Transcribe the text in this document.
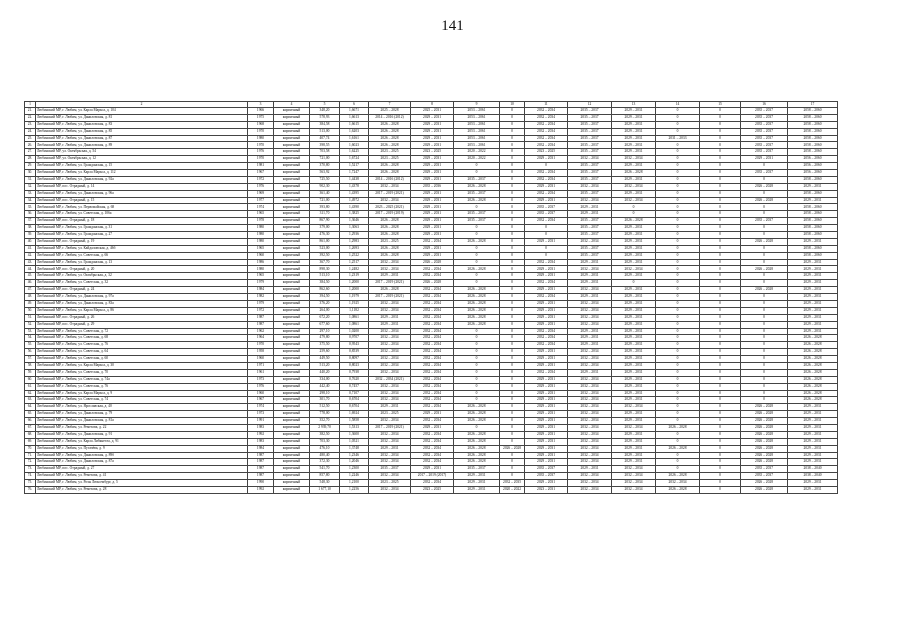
141
1	2	3	4	5	6	7	8	9	10	11	12	13	14	15	16	17
21.	Любинский МР, г. Любим, ул. Карла Маркса, д. 104	1966	кирпичный	348,20	1,6671	2025 – 2028	2025 – 2031	2053 – 2061	0	2032 – 2034	2035 – 2037	2029 – 2031	0	0	2035 – 2037	2058 – 2060
22.	Любинский МР, г. Любим, ул. Даниловская, д. 81	1975	кирпичный	578,93	1,6613	2014 – 2016 (2012)	2029 – 2031	2053 – 2061	0	2032 – 2034	2035 – 2037	2029 – 2031	0	0	2035 – 2037	2058 – 2060
23.	Любинский МР, г. Любим, ул. Даниловская, д. 83	1968	кирпичный	384,58	1,6615	2026 – 2028	2029 – 2031	2053 – 2061	0	2032 – 2034	2035 – 2037	2029 – 2031	0	0	2035 – 2037	2058 – 2060
24.	Любинский МР, г. Любим, ул. Даниловская, д. 85	1970	кирпичный	513,00	1,6203	2026 – 2028	2029 – 2031	2053 – 2061	0	2032 – 2034	2035 – 2037	2029 – 2031	0	0	2035 – 2037	2058 – 2060
25.	Любинский МР, г. Любим, ул. Даниловская, д. 87	1980	кирпичный	407,74	1,6161	2026 – 2028	2029 – 2031	2053 – 2061	0	2032 – 2034	2035 – 2037	2029 – 2031	2031 – 2033	0	2035 – 2037	2058 – 2060
26.	Любинский МР, г. Любим, ул. Даниловская, д. 89	1970	кирпичный	398,55	1,6023	2026 – 2028	2029 – 2031	2053 – 2061	0	2032 – 2034	2035 – 2037	2029 – 2031	0	0	2035 – 2037	2058 – 2060
27.	Любинский МР, ул. Октябрьская, д. 54	1976	кирпичный	703,58	1,6225	2023 – 2025	2023 – 2025	2020 – 2022	0	2023 – 2025	2035 – 2037	2029 – 2031	0	0	2035 – 2037	2058 – 2060
28.	Любинский МР, ул. Октябрьская, д. 12	1970	кирпичный	721,00	1,6724	2023 – 2025	2029 – 2031	2020 – 2022	0	2029 – 2031	2032 – 2034	2032 – 2034	0	0	2029 – 2031	2056 – 2060
29.	Любинский МР, г. Любим, ул. Гражданская, д. 15	1981	кирпичный	370,80	1,5217	2026 – 2028	2029 – 2031	0	0	0	2035 – 2037	2029 – 2031	0	0	0	2056 – 2060
30.	Любинский МР, г. Любим, ул. Карла Маркса, д. 112	1967	кирпичный	563,92	1,7247	2026 – 2028	2029 – 2031	0	0	2032 – 2034	2035 – 2037	2026 – 2028	0	0	2035 – 2037	2056 – 2060
31.	Любинский МР, г. Любим, ул. Даниловская, д. 92а	1972	кирпичный	725,50	1,4438	2014 – 2016 (2012)	2029 – 2031	2035 – 2037	0	2032 – 2034	2035 – 2037	2029 – 2031	0	0	0	2058 – 2060
32.	Любинский МР, пос. Отрадный, д. 14	1976	кирпичный	902,30	1,4378	2032 – 2034	2035 – 2036	2026 – 2028	0	2029 – 2031	2032 – 2034	2032 – 2034	0	0	2026 – 2028	2029 – 2031
33.	Любинский МР, г. Любим, ул. Даниловская, д. 96а	1969	кирпичный	361,40	1,4395	2017 – 2019 (2021)	2029 – 2031	2035 – 2037	0	2032 – 2034	2035 – 2037	2029 – 2031	0	0	0	2058 – 2060
34.	Любинский МР, пос. Отрадный, д. 15	1977	кирпичный	721,00	1,4972	2032 – 2034	2029 – 2031	2026 – 2028	0	2029 – 2031	2032 – 2034	2032 – 2034	0	0	2026 – 2028	2029 – 2031
35.	Любинский МР, г. Любим, ул. Первомайская, д. 68	1974	кирпичный	393,80	1,4390	2023 – 2025 (2021)	2029 – 2031	0	0	2035 – 2037	2029 – 2031	0	0	0	0	2058 – 2060
36.	Любинский МР, г. Любим, ул. Советская, д. 106а	1965	кирпичный	311,70	1,3825	2017 – 2019 (2019)	2029 – 2031	2035 – 2037	0	2035 – 2037	2029 – 2031	0	0	0	0	2058 – 2060
37.	Любинский МР, пос. Отрадный, д. 18	1978	кирпичный	867,90	1,3646	2026 – 2028	2029 – 2031	2035 – 2037	0	2032 – 2034	2035 – 2037	2026 – 2028	0	0	2035 – 2037	2058 – 2060
38.	Любинский МР, г. Любим, ул. Гражданская, д. 31	1980	кирпичный	379,00	1,3063	2026 – 2028	2029 – 2031	0	0	0	2035 – 2037	2029 – 2031	0	0	0	2058 – 2060
39.	Любинский МР, г. Любим, ул. Гражданская, д. 27	1980	кирпичный	476,30	1,2936	2026 – 2028	2029 – 2031	0	0	0	2035 – 2037	2029 – 2031	0	0	0	2058 – 2060
40.	Любинский МР, пос. Отрадный, д. 19	1980	кирпичный	861,00	1,2983	2023 – 2025	2032 – 2034	2026 – 2028	0	2029 – 2031	2032 – 2034	2029 – 2031	0	0	2026 – 2028	2029 – 2031
41.	Любинский МР, г. Любим, ул. Кайдаловская, д. 46б	1965	кирпичный	523,00	1,2693	2026 – 2028	2029 – 2031	0	0	0	2035 – 2037	2029 – 2031	0	0	0	2058 – 2060
42.	Любинский МР, г. Любим, ул. Советская, д. 66	1960	кирпичный	392,50	1,2522	2026 – 2028	2029 – 2031	0	0	0	2035 – 2037	2029 – 2031	0	0	0	2058 – 2060
43.	Любинский МР, г. Любим, ул. Гражданская, д. 13	1986	кирпичный	367,70	1,2517	2032 – 2034	2026 – 2028	0	0	2032 – 2034	2029 – 2031	2029 – 2031	0	0	0	2029 – 2031
44.	Любинский МР, пос. Отрадный, д. 20	1980	кирпичный	898,30	1,2482	2032 – 2034	2032 – 2034	2026 – 2028	0	2029 – 2031	2032 – 2034	2032 – 2034	0	0	2026 – 2028	2029 – 2031
45.	Любинский МР, г. Любим, ул. Октябрьская, д. 32	1965	кирпичный	513,10	1,2319	2029 – 2031	2032 – 2034	0	0	2029 – 2031	2029 – 2031	2029 – 2031	0	0	0	2029 – 2031
46.	Любинский МР, г. Любим, ул. Советская, д. 32	1979	кирпичный	384,50	1,2000	2017 – 2019 (2021)	2026 – 2028	0	0	2032 – 2034	2029 – 2031	0	0	0	0	2029 – 2031
47.	Любинский МР, пос. Отрадный, д. 24	1984	кирпичный	862,60	1,2000	2026 – 2028	2032 – 2034	2026 – 2028	0	2029 – 2031	2032 – 2034	2029 – 2031	0	0	2026 – 2028	2029 – 2031
48.	Любинский МР, г. Любим, ул. Даниловская, д. 97а	1982	кирпичный	394,50	1,1979	2017 – 2019 (2021)	2032 – 2034	2026 – 2028	0	2032 – 2034	2029 – 2031	2029 – 2031	0	0	0	2029 – 2031
49.	Любинский МР, г. Любим, ул. Даниловская, д. 83а	1979	кирпичный	376,20	1,1925	2032 – 2034	2032 – 2034	2026 – 2028	0	2029 – 2031	2032 – 2034	2029 – 2031	0	0	0	2029 – 2031
50.	Любинский МР, г. Любим, ул. Карла Маркса, д. 86	1972	кирпичный	264,00	1,1182	2032 – 2034	2032 – 2034	2026 – 2028	0	2029 – 2031	2032 – 2034	2029 – 2031	0	0	0	2029 – 2031
51.	Любинский МР, пос. Отрадный, д. 26	1987	кирпичный	672,20	1,0861	2029 – 2031	2032 – 2034	2026 – 2028	0	2029 – 2031	2032 – 2034	2029 – 2031	0	0	0	2029 – 2031
52.	Любинский МР, пос. Отрадный, д. 29	1987	кирпичный	677,60	1,0861	2029 – 2031	2032 – 2034	2026 – 2028	0	2029 – 2031	2032 – 2034	2029 – 2031	0	0	0	2029 – 2031
53.	Любинский МР, г. Любим, ул. Советская, д. 72	1962	кирпичный	297,10	1,0200	2032 – 2034	2032 – 2034	0	0	2032 – 2034	2029 – 2031	2029 – 2031	0	0	0	2029 – 2031
54.	Любинский МР, г. Любим, ул. Советская, д. 68	1964	кирпичный	479,80	0,9707	2032 – 2034	2032 – 2034	0	0	2032 – 2034	2029 – 2031	2029 – 2031	0	0	0	2026 – 2028
55.	Любинский МР, г. Любим, ул. Советская, д. 76	1970	кирпичный	375,50	0,9543	2032 – 2034	2032 – 2034	0	0	2032 – 2034	2029 – 2031	2029 – 2031	0	0	0	2026 – 2028
56.	Любинский МР, г. Любим, ул. Советская, д. 64	1958	кирпичный	259,60	0,8539	2032 – 2034	2032 – 2034	0	0	2029 – 2031	2032 – 2034	2029 – 2031	0	0	0	2026 – 2028
57.	Любинский МР, г. Любим, ул. Советская, д. 60	1960	кирпичный	449,50	0,8097	2032 – 2034	2032 – 2034	0	0	2029 – 2031	2032 – 2034	2029 – 2031	0	0	0	2026 – 2028
58.	Любинский МР, г. Любим, ул. Карла Маркса, д. 30	1971	кирпичный	513,20	0,8023	2032 – 2034	2032 – 2034	0	0	2029 – 2031	2032 – 2034	2029 – 2031	0	0	0	2026 – 2028
59.	Любинский МР, г. Любим, ул. Советская, д. 70	1961	кирпичный	440,20	0,7938	2032 – 2034	2032 – 2034	0	0	2032 – 2034	2029 – 2031	2029 – 2031	0	0	0	2026 – 2028
60.	Любинский МР, г. Любим, ул. Советская, д. 74а	1973	кирпичный	334,00	0,7620	2032 – 2034 (2021)	2032 – 2034	0	0	2029 – 2031	2032 – 2034	2029 – 2031	0	0	0	2026 – 2028
61.	Любинский МР, г. Любим, ул. Советская, д. 76	1976	кирпичный	442,40	0,7457	2032 – 2034	2032 – 2034	0	0	2029 – 2031	2032 – 2034	2029 – 2031	0	0	0	2026 – 2028
62.	Любинский МР, г. Любим, ул. Карла Маркса, д. 9	1960	кирпичный	298,10	0,7107	2032 – 2034	2032 – 2034	0	0	2029 – 2031	2032 – 2034	2029 – 2031	0	0	0	2026 – 2028
63.	Любинский МР, г. Любим, ул. Советская, д. 74	1967	кирпичный	301,70	0,6704	2032 – 2034	2032 – 2034	0	0	2029 – 2031	2032 – 2034	2029 – 2031	0	0	0	2026 – 2028
64.	Любинский МР, г. Любим, ул. Ярославская, д. 40	1974	кирпичный	512,50	0,6704	2029 – 2031	2032 – 2034	2026 – 2028	0	2029 – 2031	2032 – 2034	2032 – 2034	0	0	2026 – 2028	2029 – 2031
65.	Любинский МР, г. Любим, ул. Даниловская, д. 79	1973	кирпичный	778,00	1,6924	2023 – 2025	2029 – 2031	2026 – 2028	0	2029 – 2031	2032 – 2034	2029 – 2031	0	0	2026 – 2028	2029 – 2031
66.	Любинский МР, г. Любим, ул. Даниловская, д. 81а	1991	кирпичный	352,70	1,5858	2032 – 2034	2032 – 2034	2026 – 2028	0	2029 – 2031	2032 – 2034	2029 – 2031	0	0	2026 – 2028	2029 – 2031
67.	Любинский МР, г. Любим, ул. Ремезова, д. 22	1983	кирпичный	2 939,70	1,5313	2017 – 2019 (2021)	2029 – 2031	0	0	2029 – 2031	2032 – 2034	2032 – 2034	2026 – 2028	0	2026 – 2028	2029 – 2031
68.	Любинский МР, г. Любим, ул. Даниловская, д. 91	1992	кирпичный	382,50	1,3600	2032 – 2034	2032 – 2034	2026 – 2028	0	2029 – 2031	2032 – 2034	2029 – 2031	0	0	2026 – 2028	2029 – 2031
69.	Любинский МР, г. Любим, ул. Карла Либкнехта, д. 91	1983	кирпичный	703,30	1,0521	2032 – 2034	2032 – 2034	2026 – 2028	0	2029 – 2031	2032 – 2034	2029 – 2031	0	0	2026 – 2028	2029 – 2031
70.	Любинский МР, г. Любим, ул. Пугачёва, д. 9	1984	кирпичный	476,10	1,3748	2029 – 2031	2032 – 2034	2026 – 2028	2026 – 2028	2029 – 2031	2032 – 2034	2029 – 2031	2026 – 2028	0	2026 – 2028	2029 – 2031
71.	Любинский МР, г. Любим, ул. Даниловская, д. 89б	1987	кирпичный	480,40	1,2346	2032 – 2034	2032 – 2034	2026 – 2028	0	2029 – 2031	2032 – 2034	2029 – 2031	0	0	2026 – 2028	2029 – 2031
72.	Любинский МР, г. Любим, ул. Даниловская, д. 87а	1987	кирпичный	372,30	1,2046	2032 – 2034	2032 – 2034	2026 – 2028	0	2029 – 2031	2032 – 2034	2029 – 2031	0	0	2026 – 2028	2029 – 2031
73.	Любинский МР, пос. Отрадный, д. 27	1987	кирпичный	541,70	1,2300	2035 – 2037	2029 – 2031	2035 – 2037	0	2035 – 2037	2029 – 2031	2032 – 2034	0	0	2035 – 2037	2038 – 2040
74.	Любинский МР, г. Любим, ул. Ремезова, д. 41	1987	кирпичный	857,80	1,2246	2032 – 2034	2017 – 2019 (2017)	2029 – 2031	0	2035 – 2037	2032 – 2034	2032 – 2034	2026 – 2028	0	2035 – 2037	2038 – 2040
75.	Любинский МР, г. Любим, ул. Розы Люксембург, д. 5	1990	кирпичный	548,30	1,2100	2023 – 2025	2032 – 2034	2029 – 2031	2032 – 2035	2029 – 2031	2032 – 2034	2032 – 2034	2032 – 2034	0	2026 – 2028	2029 – 2031
76.	Любинский МР, г. Любим, ул. Ремезова, д. 28	1992	кирпичный	1 677,10	1,2256	2032 – 2034	2023 – 2025	2029 – 2031	2020 – 2022	2023 – 2031	2032 – 2034	2032 – 2034	2026 – 2028	0	2026 – 2028	2029 – 2031
